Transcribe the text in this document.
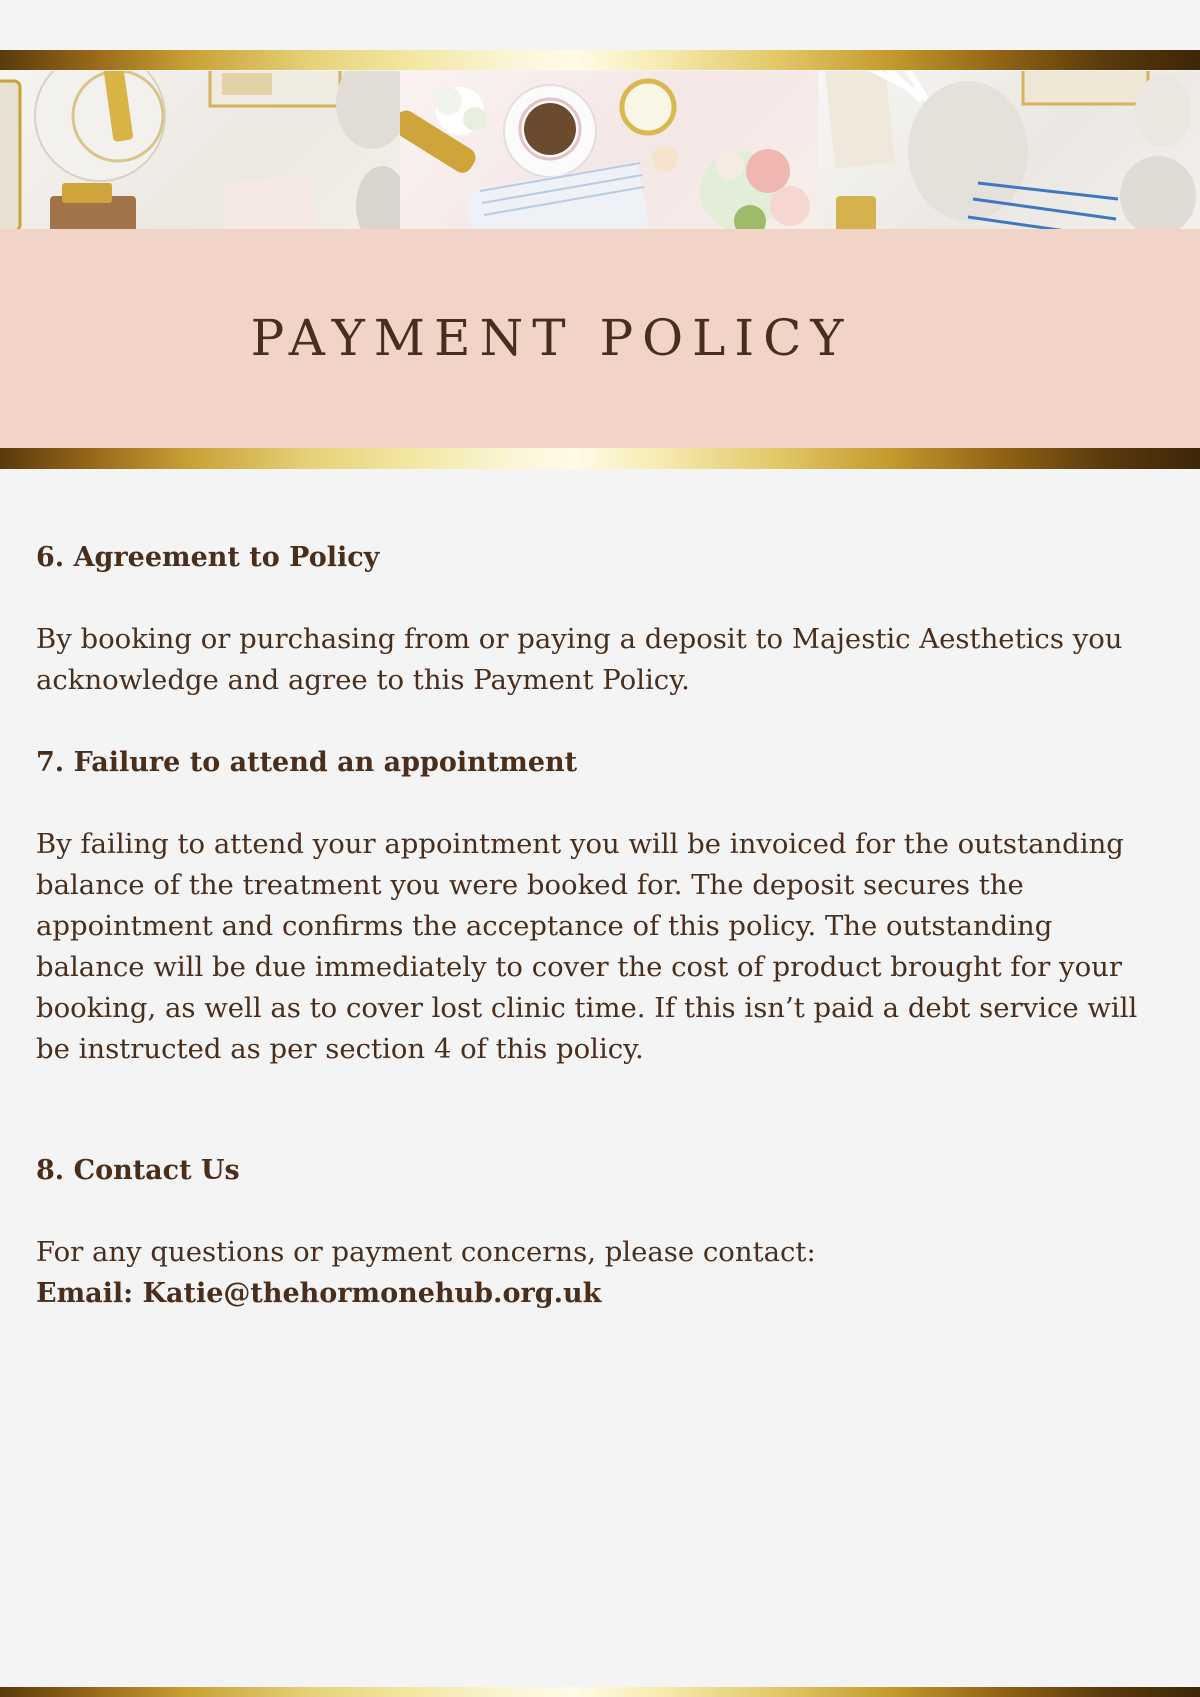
PAYMENT POLICY
6. Agreement to Policy

By booking or purchasing from or paying a deposit to Majestic Aesthetics you acknowledge and agree to this Payment Policy.

7. Failure to attend an appointment

By failing to attend your appointment you will be invoiced for the outstanding balance of the treatment you were booked for. The deposit secures the appointment and confirms the acceptance of this policy. The outstanding balance will be due immediately to cover the cost of product brought for your booking, as well as to cover lost clinic time. If this isn’t paid a debt service will be instructed as per section 4 of this policy.

8. Contact Us
For any questions or payment concerns, please contact:
Email: Katie@thehormonehub.org.uk
